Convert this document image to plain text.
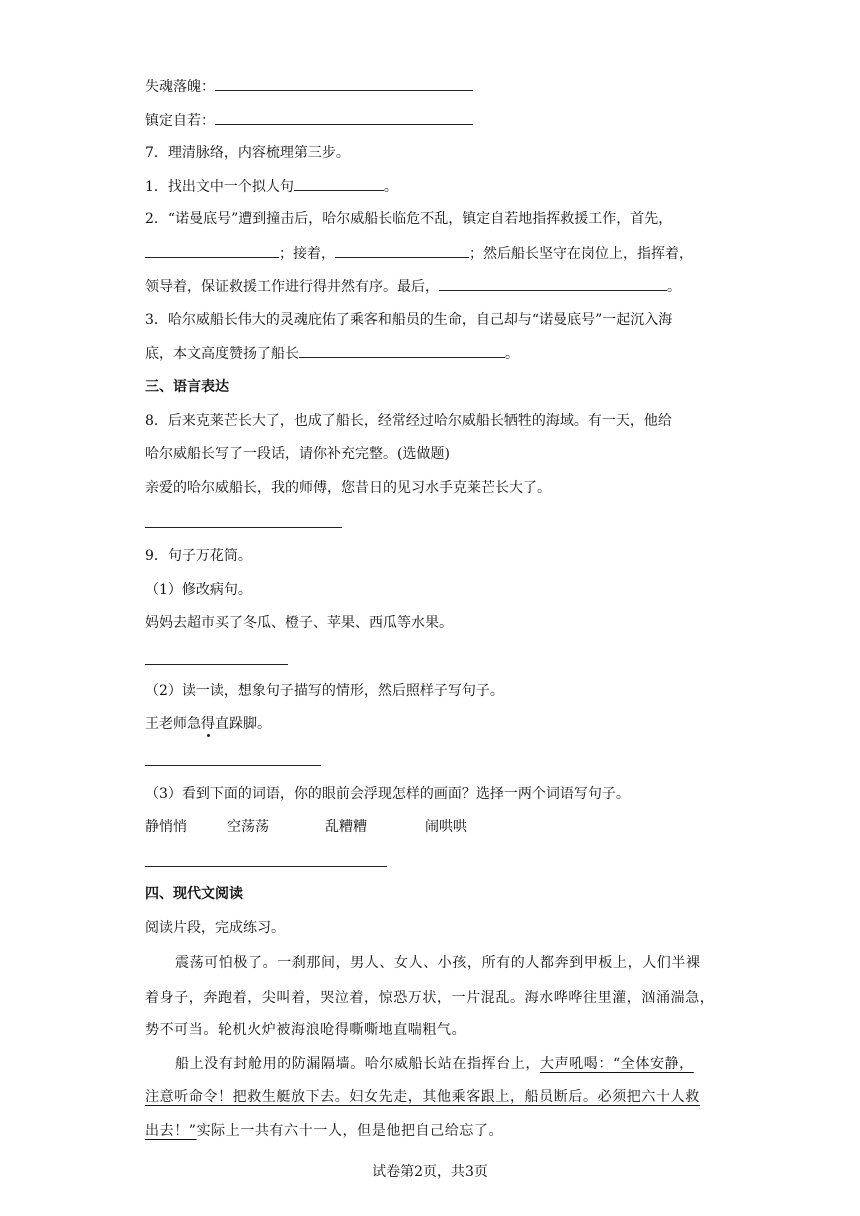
失魂落魄：
镇定自若：
7．理清脉络，内容梳理第三步。
1．找出文中一个拟人句	。
2．“诺曼底号”遭到撞击后，哈尔威船长临危不乱，镇定自若地指挥救援工作，首先，
；接着，	；然后船长坚守在岗位上，指挥着，
领导着，保证救援工作进行得井然有序。最后，	。
3．哈尔威船长伟大的灵魂庇佑了乘客和船员的生命，自己却与“诺曼底号”一起沉入海
底，本文高度赞扬了船长	。
三、语言表达
8．后来克莱芒长大了，也成了船长，经常经过哈尔威船长牺牲的海域。有一天，他给
哈尔威船长写了一段话，请你补充完整。(选做题)
亲爱的哈尔威船长，我的师傅，您昔日的见习水手克莱芒长大了。
9．句子万花筒。
（1）修改病句。
妈妈去超市买了冬瓜、橙子、苹果、西瓜等水果。
（2）读一读，想象句子描写的情形，然后照样子写句子。
王老师急得直跺脚。
（3）看到下面的词语，你的眼前会浮现怎样的画面？选择一两个词语写句子。
静悄悄	空荡荡	乱糟糟	闹哄哄
四、现代文阅读
阅读片段，完成练习。
震荡可怕极了。一刹那间，男人、女人、小孩，所有的人都奔到甲板上，人们半裸
着身子，奔跑着，尖叫着，哭泣着，惊恐万状，一片混乱。海水哗哗往里灌，汹涌湍急，
势不可当。轮机火炉被海浪呛得嘶嘶地直喘粗气。
船上没有封舱用的防漏隔墙。哈尔威船长站在指挥台上，大声吼喝：“全体安静，
注意听命令！把救生艇放下去。妇女先走，其他乘客跟上，船员断后。必须把六十人救
出去！”实际上一共有六十一人，但是他把自己给忘了。
试卷第2页，共3页
